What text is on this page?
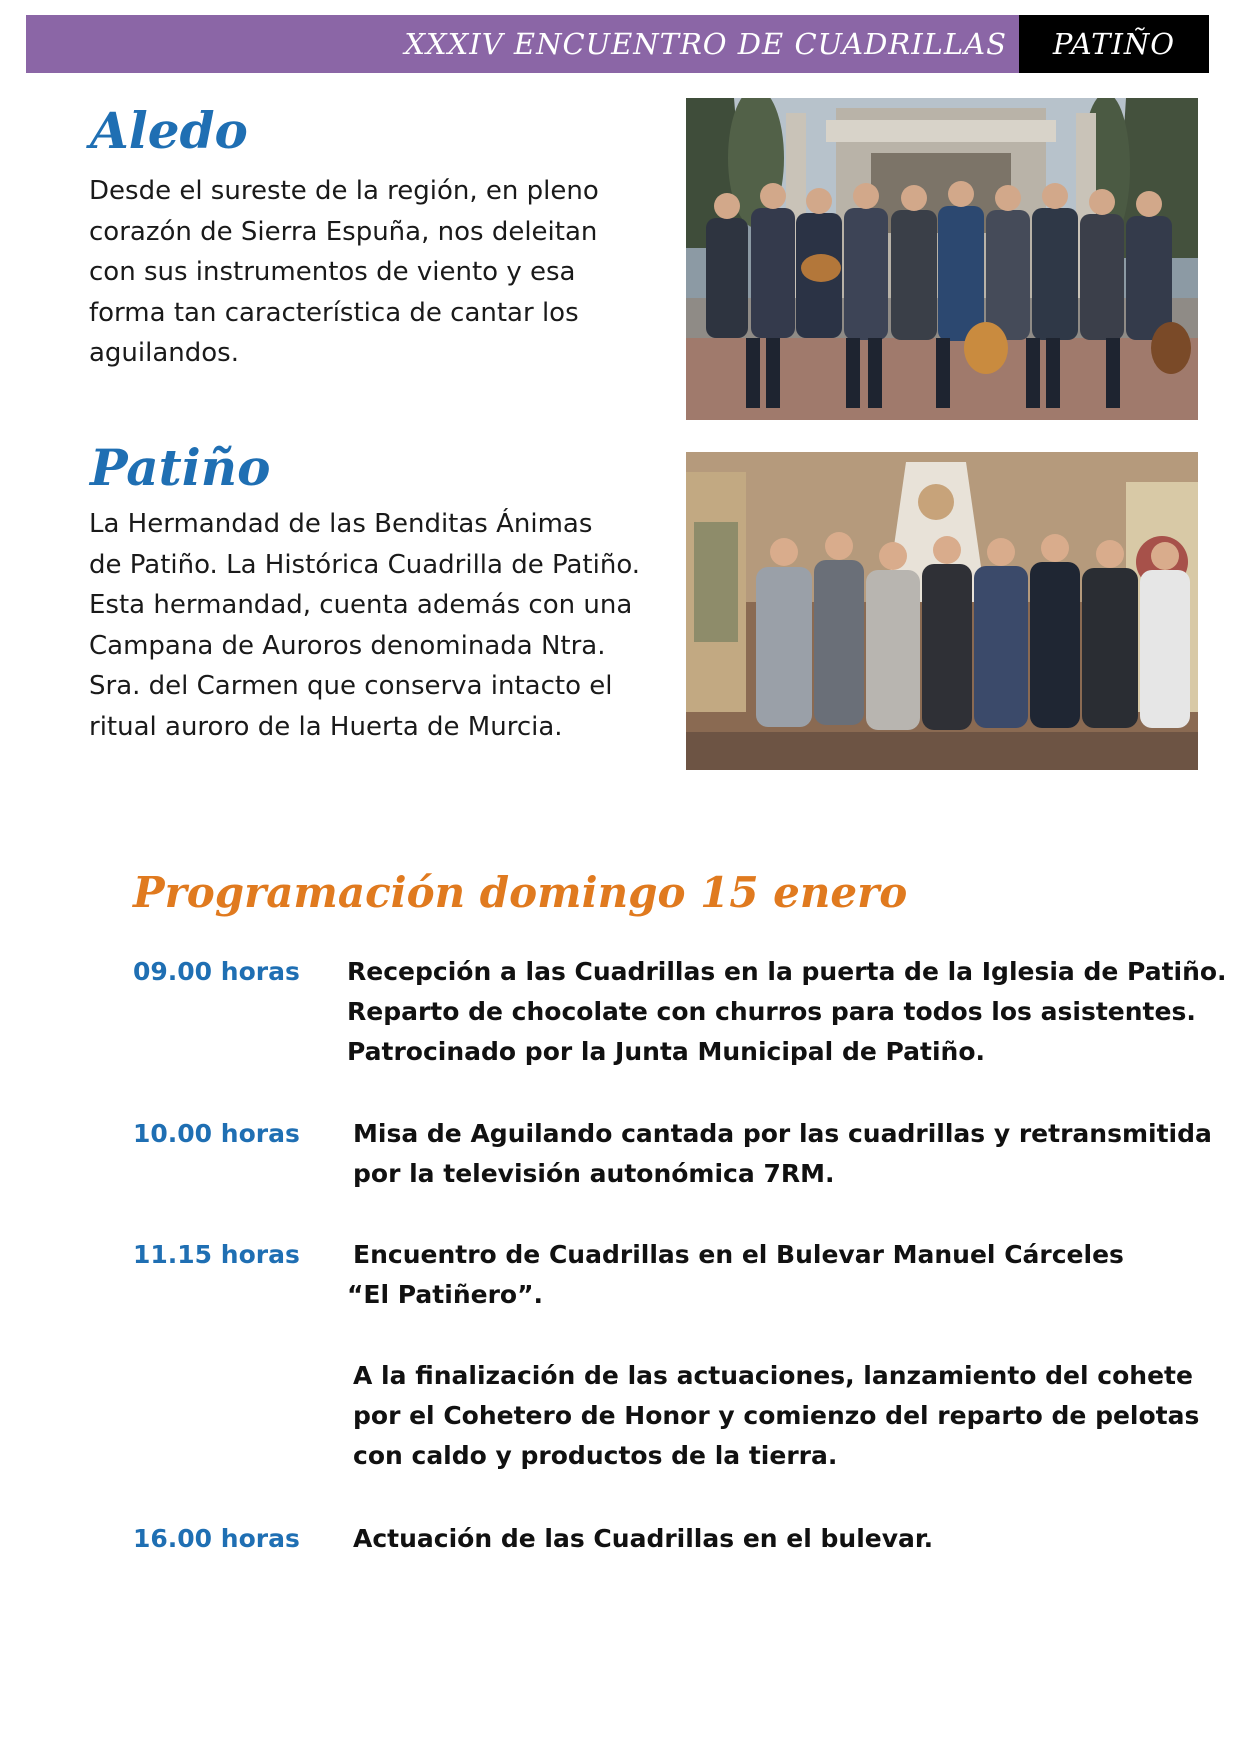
XXXIV ENCUENTRO DE CUADRILLAS	PATIÑO
Aledo
Desde el sureste de la región, en pleno
corazón de Sierra Espuña, nos deleitan
con sus instrumentos de viento y esa
forma tan característica de cantar los
aguilandos.
Patiño
La Hermandad de las Benditas Ánimas
de Patiño. La Histórica Cuadrilla de Patiño.
Esta hermandad, cuenta además con una
Campana de Auroros denominada Ntra.
Sra. del Carmen que conserva intacto el
ritual auroro de la Huerta de Murcia.
Programación domingo 15 enero
09.00 horas Recepción a las Cuadrillas en la puerta de la Iglesia de Patiño.

Reparto de chocolate con churros para todos los asistentes.

Patrocinado por la Junta Municipal de Patiño.

10.00 horas Misa de Aguilando cantada por las cuadrillas y retransmitida

por la televisión autonómica 7RM.

11.15 horas Encuentro de Cuadrillas en el Bulevar Manuel Cárceles

“El Patiñero”.

A la finalización de las actuaciones, lanzamiento del cohete

por el Cohetero de Honor y comienzo del reparto de pelotas

con caldo y productos de la tierra.

16.00 horas Actuación de las Cuadrillas en el bulevar.
